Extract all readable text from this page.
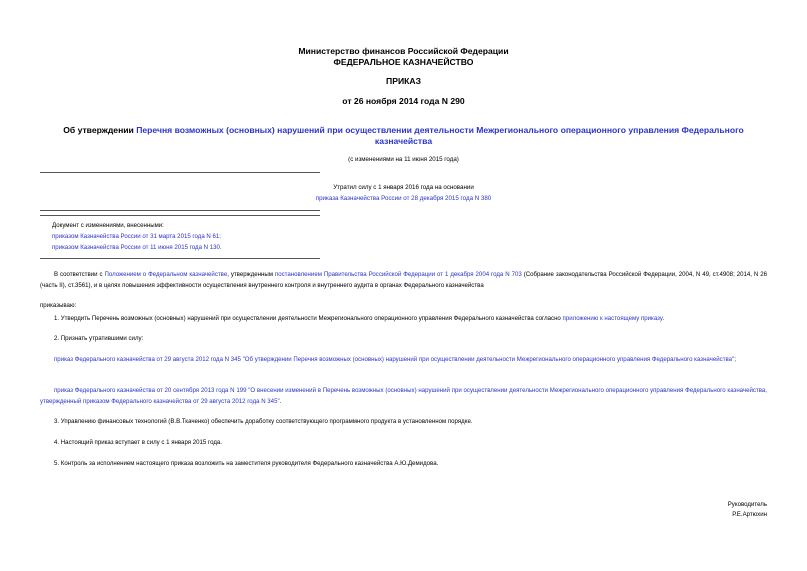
Министерство финансов Российской Федерации
ФЕДЕРАЛЬНОЕ КАЗНАЧЕЙСТВО
ПРИКАЗ
от 26 ноября 2014 года N 290
Об утверждении Перечня возможных (основных) нарушений при осуществлении деятельности Межрегионального операционного управления Федерального казначейства
(с изменениями на 11 июня 2015 года)
Утратил силу с 1 января 2016 года на основании
приказа Казначейства России от 28 декабря 2015 года N 380
Документ с изменениями, внесенными:
приказом Казначейства России от 31 марта 2015 года N 61;
приказом Казначейства России от 11 июня 2015 года N 130.
В соответствии с Положением о Федеральном казначействе, утвержденным постановлением Правительства Российской Федерации от 1 декабря 2004 года N 703 (Собрание законодательства Российской Федерации, 2004, N 49, ст.4908; 2014, N 26 (часть II), ст.3561), и в целях повышения эффективности осуществления внутреннего контроля и внутреннего аудита в органах Федерального казначейства
приказываю:
1. Утвердить Перечень возможных (основных) нарушений при осуществлении деятельности Межрегионального операционного управления Федерального казначейства согласно приложению к настоящему приказу.
2. Признать утратившими силу:
приказ Федерального казначейства от 29 августа 2012 года N 345 "Об утверждении Перечня возможных (основных) нарушений при осуществлении деятельности Межрегионального операционного управления Федерального казначейства";
приказ Федерального казначейства от 20 сентября 2013 года N 199 "О внесении изменений в Перечень возможных (основных) нарушений при осуществлении деятельности Межрегионального операционного управления Федерального казначейства, утвержденный приказом Федерального казначейства от 29 августа 2012 года N 345".
3. Управлению финансовых технологий (В.В.Ткаченко) обеспечить доработку соответствующего программного продукта в установленном порядке.
4. Настоящий приказ вступает в силу с 1 января 2015 года.
5. Контроль за исполнением настоящего приказа возложить на заместителя руководителя Федерального казначейства А.Ю.Демидова.
Руководитель
Р.Е.Артюхин
